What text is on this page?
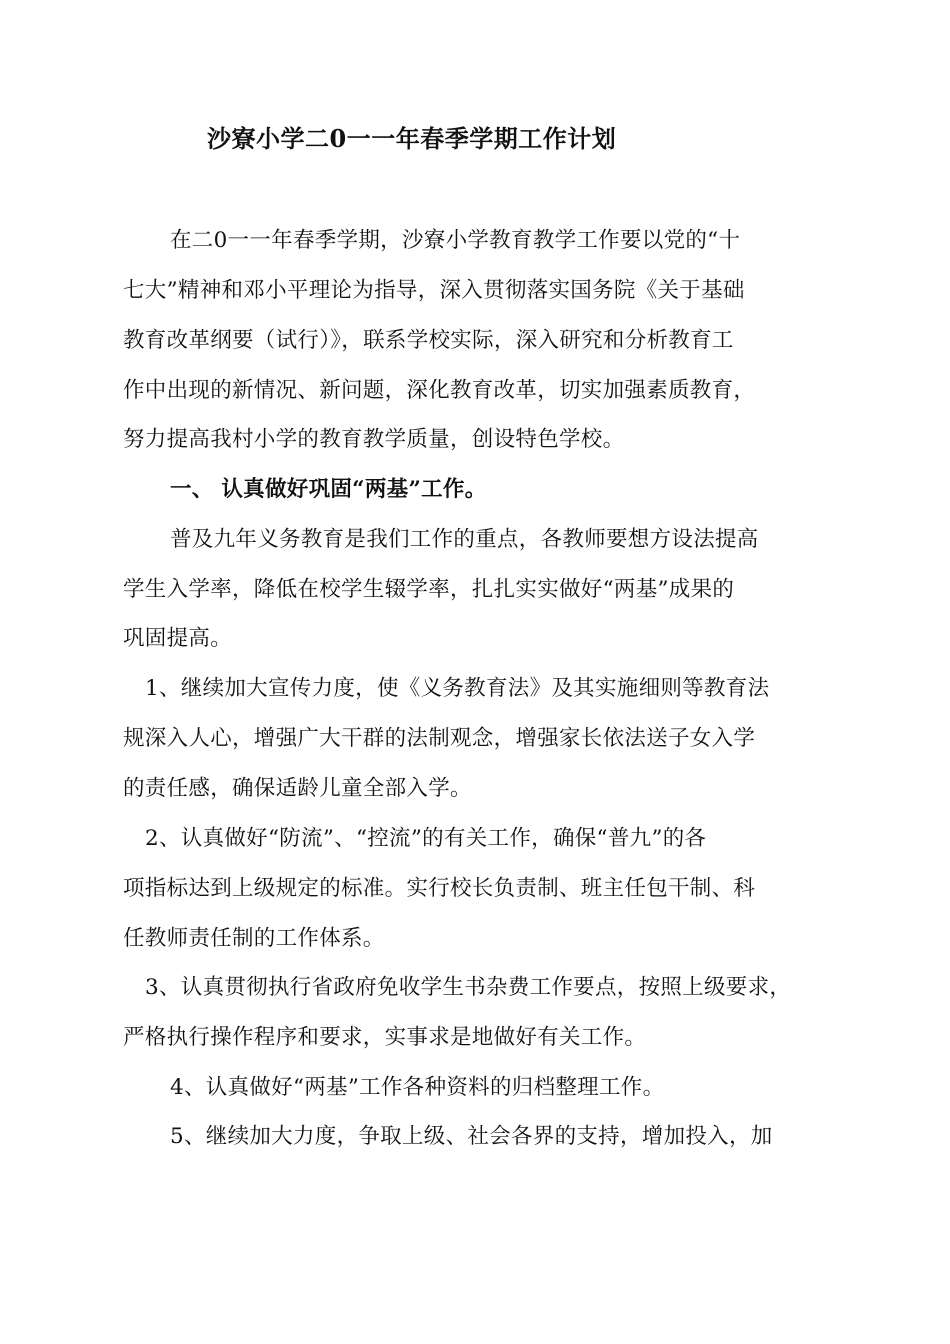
沙寮小学二0一一年春季学期工作计划
在二0一一年春季学期，沙寮小学教育教学工作要以党的“十
七大”精神和邓小平理论为指导，深入贯彻落实国务院《关于基础
教育改革纲要（试行）》，联系学校实际，深入研究和分析教育工
作中出现的新情况、新问题，深化教育改革，切实加强素质教育，
努力提高我村小学的教育教学质量，创设特色学校。
一、 认真做好巩固“两基”工作。
普及九年义务教育是我们工作的重点，各教师要想方设法提高
学生入学率，降低在校学生辍学率，扎扎实实做好“两基”成果的
巩固提高。
1、继续加大宣传力度，使《义务教育法》及其实施细则等教育法
规深入人心，增强广大干群的法制观念，增强家长依法送子女入学
的责任感，确保适龄儿童全部入学。
2、认真做好“防流”、“控流”的有关工作，确保“普九”的各
项指标达到上级规定的标准。实行校长负责制、班主任包干制、科
任教师责任制的工作体系。
3、认真贯彻执行省政府免收学生书杂费工作要点，按照上级要求，
严格执行操作程序和要求，实事求是地做好有关工作。
4、认真做好“两基”工作各种资料的归档整理工作。
5、继续加大力度，争取上级、社会各界的支持，增加投入，加
